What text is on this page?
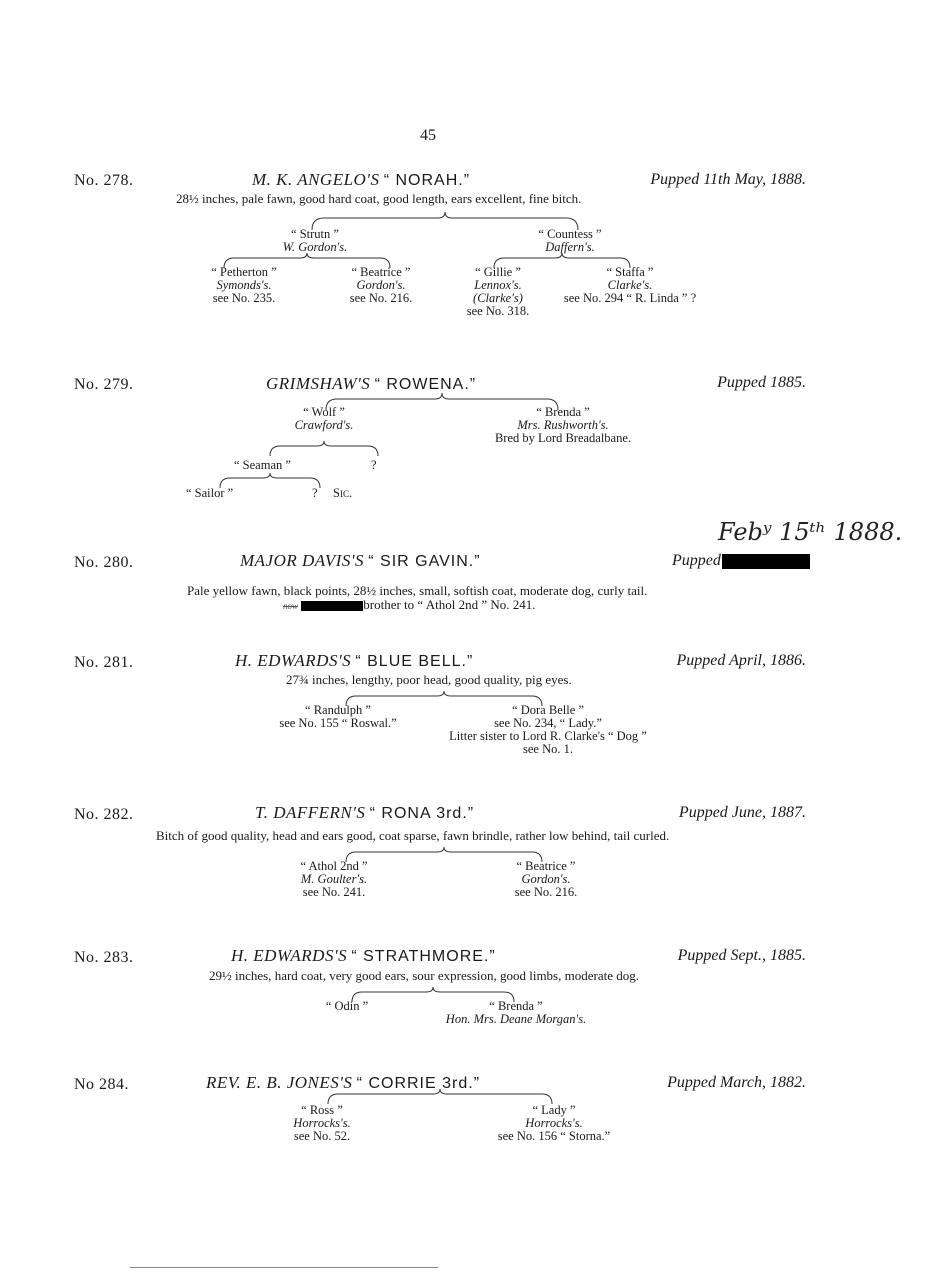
45
No. 278.	M. K. ANGELO'S “ NORAH.”	Pupped 11th May, 1888.
28½ inches, pale fawn, good hard coat, good length, ears excellent, fine bitch.
“ Strutn ”
W. Gordon's.
“ Countess ”
Daffern's.
“ Petherton ”
Symonds's.
see No. 235.
“ Beatrice ”
Gordon's.
see No. 216.
“ Gillie ”
Lennox's.
(Clarke's)
see No. 318.
“ Staffa ”
Clarke's.
see No. 294 “ R. Linda ” ?
No. 279.	GRIMSHAW'S “ ROWENA.”	Pupped 1885.
“ Wolf ”
Crawford's.
“ Brenda ”
Mrs. Rushworth's.
Bred by Lord Breadalbane.
“ Seaman ”	?
“ Sailor ”	? Sic.
Febʸ 15ᵗʰ 1888.
No. 280.	MAJOR DAVIS'S “ SIR GAVIN.”	Pupped
Pale yellow fawn, black points, 28½ inches, small, softish coat, moderate dog, curly tail.
now	brother to “ Athol 2nd ” No. 241.
No. 281.	H. EDWARDS'S “ BLUE BELL.”	Pupped April, 1886.
27¾ inches, lengthy, poor head, good quality, pig eyes.
“ Randulph ”
see No. 155 “ Roswal.”
“ Dora Belle ”
see No. 234, “ Lady.”
Litter sister to Lord R. Clarke's “ Dog ”
see No. 1.
No. 282.	T. DAFFERN'S “ RONA 3rd.”	Pupped June, 1887.
Bitch of good quality, head and ears good, coat sparse, fawn brindle, rather low behind, tail curled.
“ Athol 2nd ”
M. Goulter's.
see No. 241.
“ Beatrice ”
Gordon's.
see No. 216.
No. 283.	H. EDWARDS'S “ STRATHMORE.”	Pupped Sept., 1885.
29½ inches, hard coat, very good ears, sour expression, good limbs, moderate dog.
“ Odin ”	“ Brenda ”
Hon. Mrs. Deane Morgan's.
No 284.	REV. E. B. JONES'S “ CORRIE 3rd.”	Pupped March, 1882.
“ Ross ”
Horrocks's.
see No. 52.
“ Lady ”
Horrocks's.
see No. 156 “ Storna.”
